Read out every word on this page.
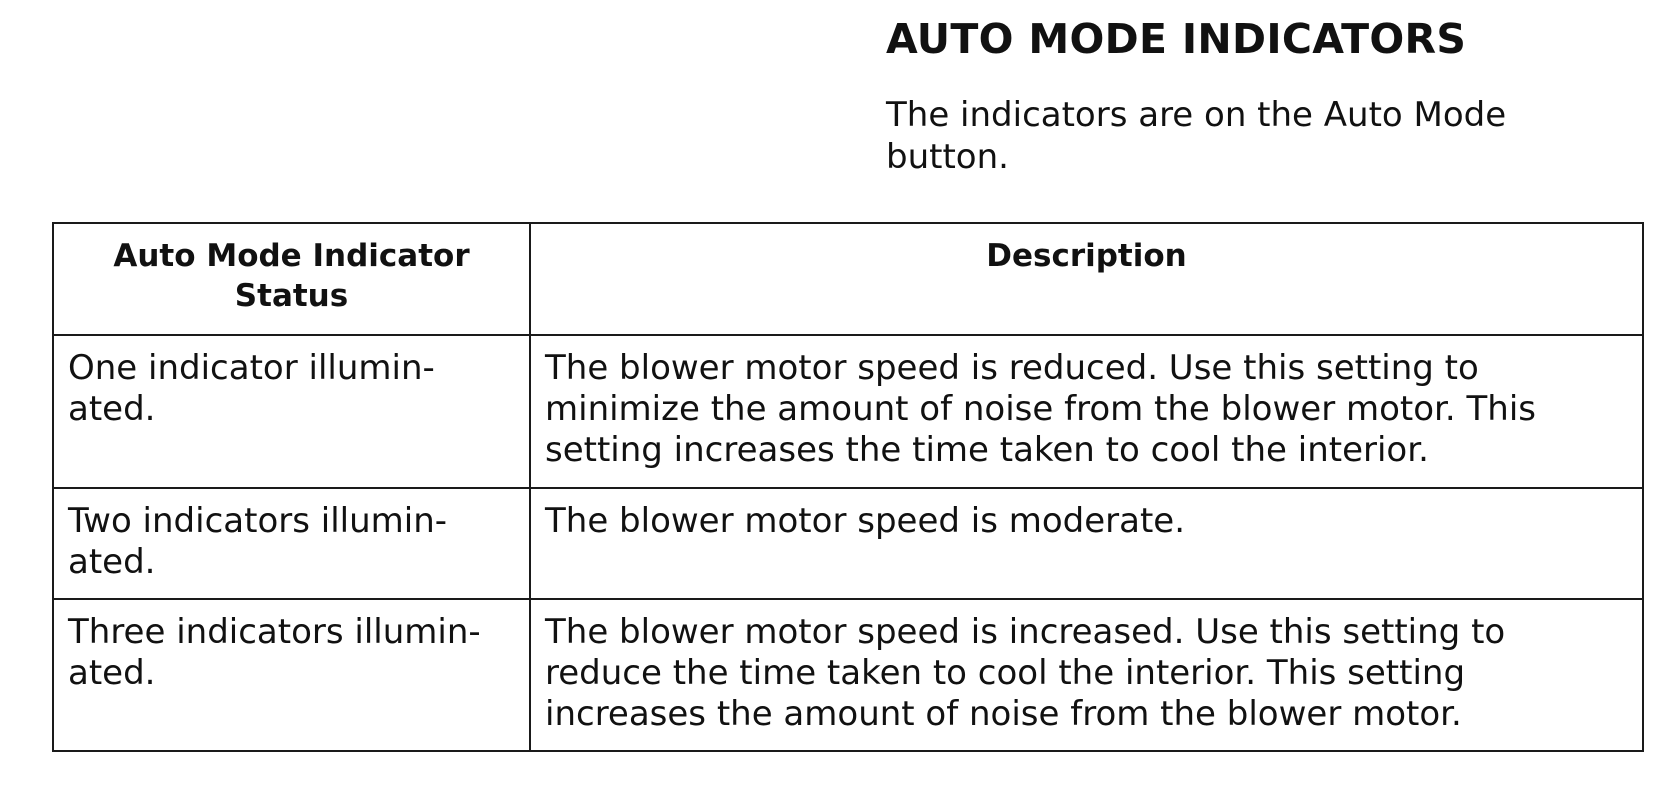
AUTO MODE INDICATORS

The indicators are on the Auto Mode button.

Auto Mode Indicator Status	Description
One indicator illumin-ated.	The blower motor speed is reduced. Use this setting to minimize the amount of noise from the blower motor. This setting increases the time taken to cool the interior.
Two indicators illumin-ated.	The blower motor speed is moderate.
Three indicators illumin-ated.	The blower motor speed is increased. Use this setting to reduce the time taken to cool the interior. This setting increases the amount of noise from the blower motor.
